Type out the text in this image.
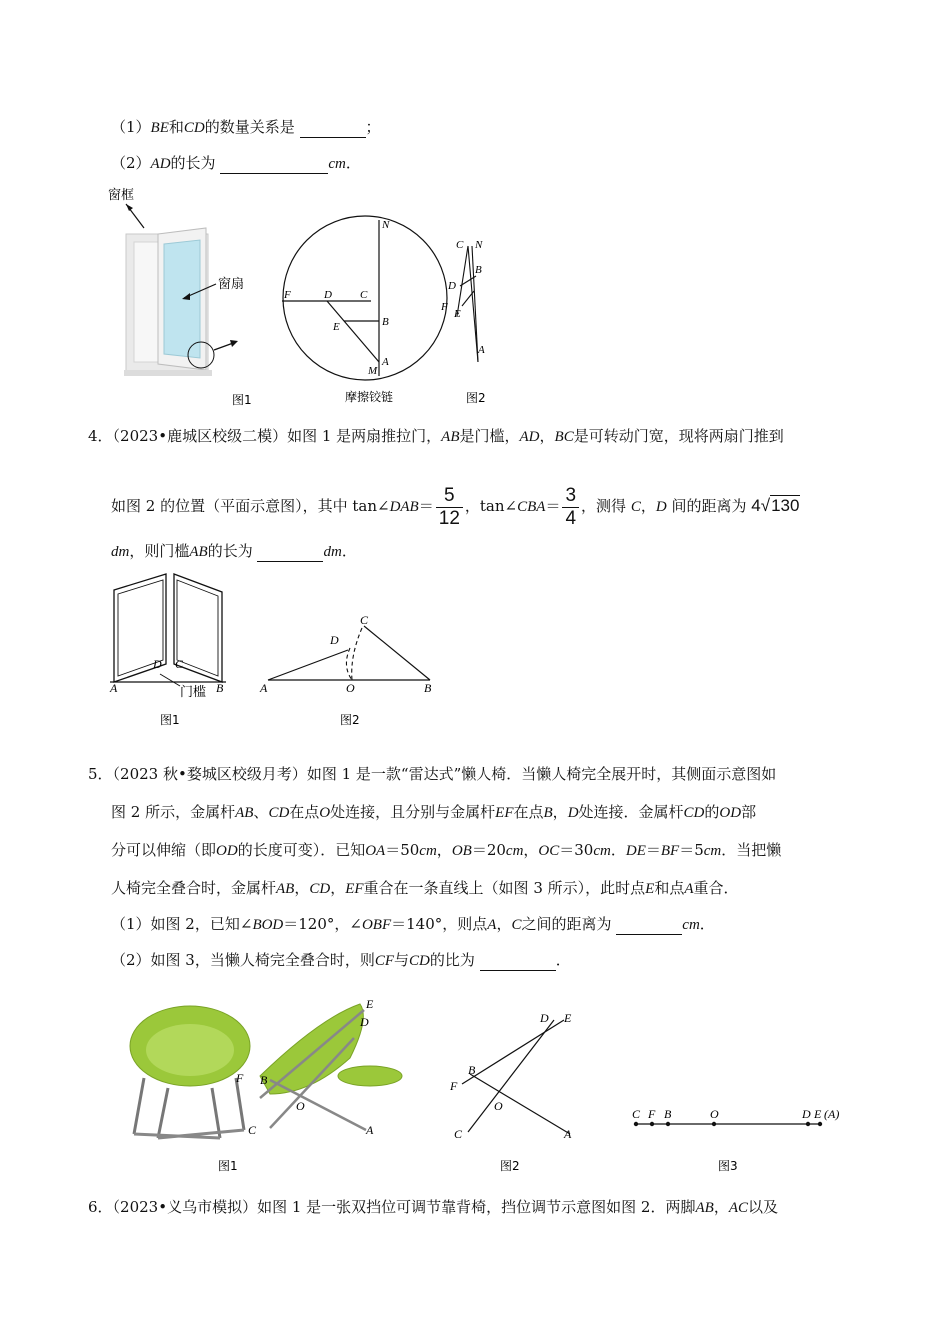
（1）BE和CD的数量关系是	；
（2）AD的长为	cm．
窗框
窗扇
图1
N
F	D	C
E	B
A
M
摩擦铰链
C N
B
D
F
E
A
图2
4．（2023•鹿城区校级二模）如图 1 是两扇推拉门，AB是门槛，AD，BC是可转动门宽，现将两扇门推到
如图 2 的位置（平面示意图），其中 tan∠DAB＝ $\frac{5}{12}$ ，tan∠CBA＝ $\frac{3}{4}$ ，测得 C，D 间的距离为 4√130
dm，则门槛AB的长为	dm．
A
D C
B
门槛
图1
C
D
A	O	B
图2
5．（2023 秋•婺城区校级月考）如图 1 是一款“雷达式”懒人椅．当懒人椅完全展开时，其侧面示意图如
图 2 所示，金属杆AB、CD在点O处连接，且分别与金属杆EF在点B，D处连接．金属杆CD的OD部
分可以伸缩（即OD的长度可变）．已知OA＝50cm，OB＝20cm，OC＝30cm．DE＝BF＝5cm．当把懒
人椅完全叠合时，金属杆AB，CD，EF重合在一条直线上（如图 3 所示），此时点E和点A重合．
（1）如图 2，已知∠BOD＝120°，∠OBF＝140°，则点A，C之间的距离为	cm．
（2）如图 3，当懒人椅完全叠合时，则CF与CD的比为	．
E
D
F B
O
C	A
图1
D E
B
F
O
C	A
图2
C F B	O	D E (A)
图3
6．（2023•义乌市模拟）如图 1 是一张双挡位可调节靠背椅，挡位调节示意图如图 2．两脚AB，AC以及
